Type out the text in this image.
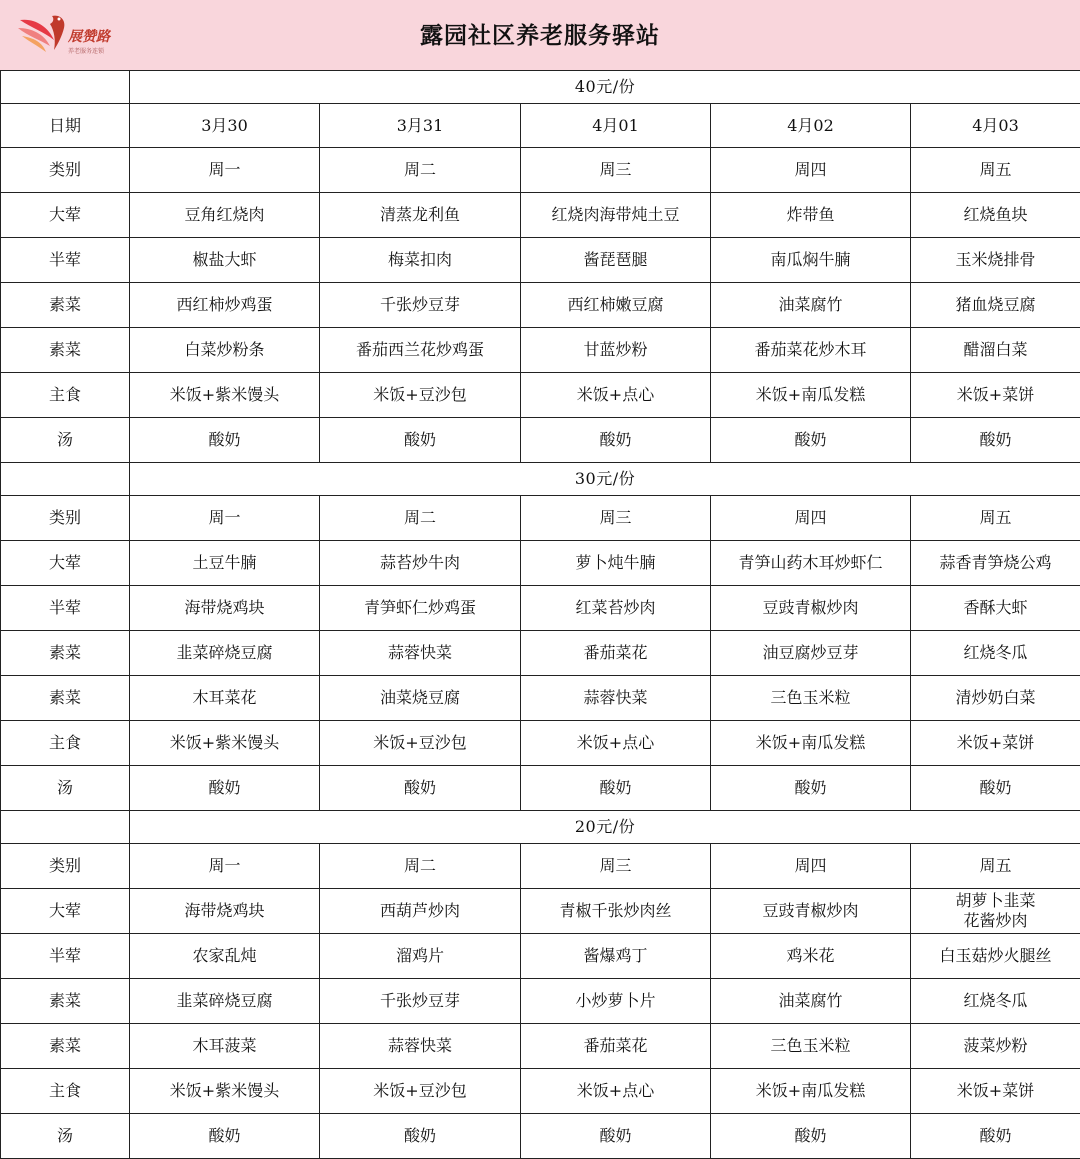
展赞路
养老服务连锁
露园社区养老服务驿站
	40元/份				
日期	3月30	3月31	4月01	4月02	4月03
类别	周一	周二	周三	周四	周五
大荤	豆角红烧肉	清蒸龙利鱼	红烧肉海带炖土豆	炸带鱼	红烧鱼块
半荤	椒盐大虾	梅菜扣肉	酱琵琶腿	南瓜焖牛腩	玉米烧排骨
素菜	西红柿炒鸡蛋	千张炒豆芽	西红柿嫩豆腐	油菜腐竹	猪血烧豆腐
素菜	白菜炒粉条	番茄西兰花炒鸡蛋	甘蓝炒粉	番茄菜花炒木耳	醋溜白菜
主食	米饭+紫米馒头	米饭+豆沙包	米饭+点心	米饭+南瓜发糕	米饭+菜饼
汤	酸奶	酸奶	酸奶	酸奶	酸奶
	30元/份				
类别	周一	周二	周三	周四	周五
大荤	土豆牛腩	蒜苔炒牛肉	萝卜炖牛腩	青笋山药木耳炒虾仁	蒜香青笋烧公鸡
半荤	海带烧鸡块	青笋虾仁炒鸡蛋	红菜苔炒肉	豆豉青椒炒肉	香酥大虾
素菜	韭菜碎烧豆腐	蒜蓉快菜	番茄菜花	油豆腐炒豆芽	红烧冬瓜
素菜	木耳菜花	油菜烧豆腐	蒜蓉快菜	三色玉米粒	清炒奶白菜
主食	米饭+紫米馒头	米饭+豆沙包	米饭+点心	米饭+南瓜发糕	米饭+菜饼
汤	酸奶	酸奶	酸奶	酸奶	酸奶
	20元/份				
类别	周一	周二	周三	周四	周五
大荤	海带烧鸡块	西葫芦炒肉	青椒千张炒肉丝	豆豉青椒炒肉	胡萝卜韭菜
花酱炒肉

半荤	农家乱炖	溜鸡片	酱爆鸡丁	鸡米花	白玉菇炒火腿丝
素菜	韭菜碎烧豆腐	千张炒豆芽	小炒萝卜片	油菜腐竹	红烧冬瓜
素菜	木耳菠菜	蒜蓉快菜	番茄菜花	三色玉米粒	菠菜炒粉
主食	米饭+紫米馒头	米饭+豆沙包	米饭+点心	米饭+南瓜发糕	米饭+菜饼
汤	酸奶	酸奶	酸奶	酸奶	酸奶
